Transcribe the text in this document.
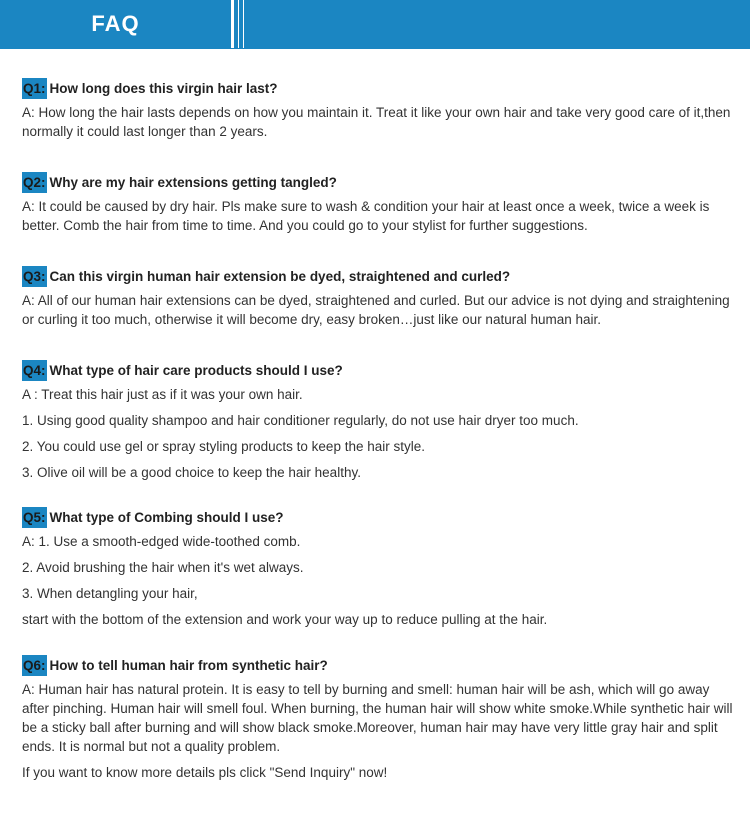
FAQ
Q1: How long does this virgin hair last?

A: How long the hair lasts depends on how you maintain it. Treat it like your own hair and take very good care of it,then normally it could last longer than 2 years.

Q2: Why are my hair extensions getting tangled?

A: It could be caused by dry hair. Pls make sure to wash & condition your hair at least once a week, twice a week is better. Comb the hair from time to time. And you could go to your stylist for further suggestions.

Q3: Can this virgin human hair extension be dyed, straightened and curled?

A: All of our human hair extensions can be dyed, straightened and curled. But our advice is not dying and straightening or curling it too much, otherwise it will become dry, easy broken…just like our natural human hair.

Q4: What type of hair care products should I use?

A : Treat this hair just as if it was your own hair.

1. Using good quality shampoo and hair conditioner regularly, do not use hair dryer too much.

2. You could use gel or spray styling products to keep the hair style.

3. Olive oil will be a good choice to keep the hair healthy.

Q5: What type of Combing should I use?

A: 1. Use a smooth-edged wide-toothed comb.

2. Avoid brushing the hair when it's wet always.

3. When detangling your hair,

start with the bottom of the extension and work your way up to reduce pulling at the hair.

Q6: How to tell human hair from synthetic hair?

A: Human hair has natural protein. It is easy to tell by burning and smell: human hair will be ash, which will go away after pinching. Human hair will smell foul. When burning, the human hair will show white smoke.While synthetic hair will be a sticky ball after burning and will show black smoke.Moreover, human hair may have very little gray hair and split ends. It is normal but not a quality problem.

If you want to know more details pls click "Send Inquiry" now!
